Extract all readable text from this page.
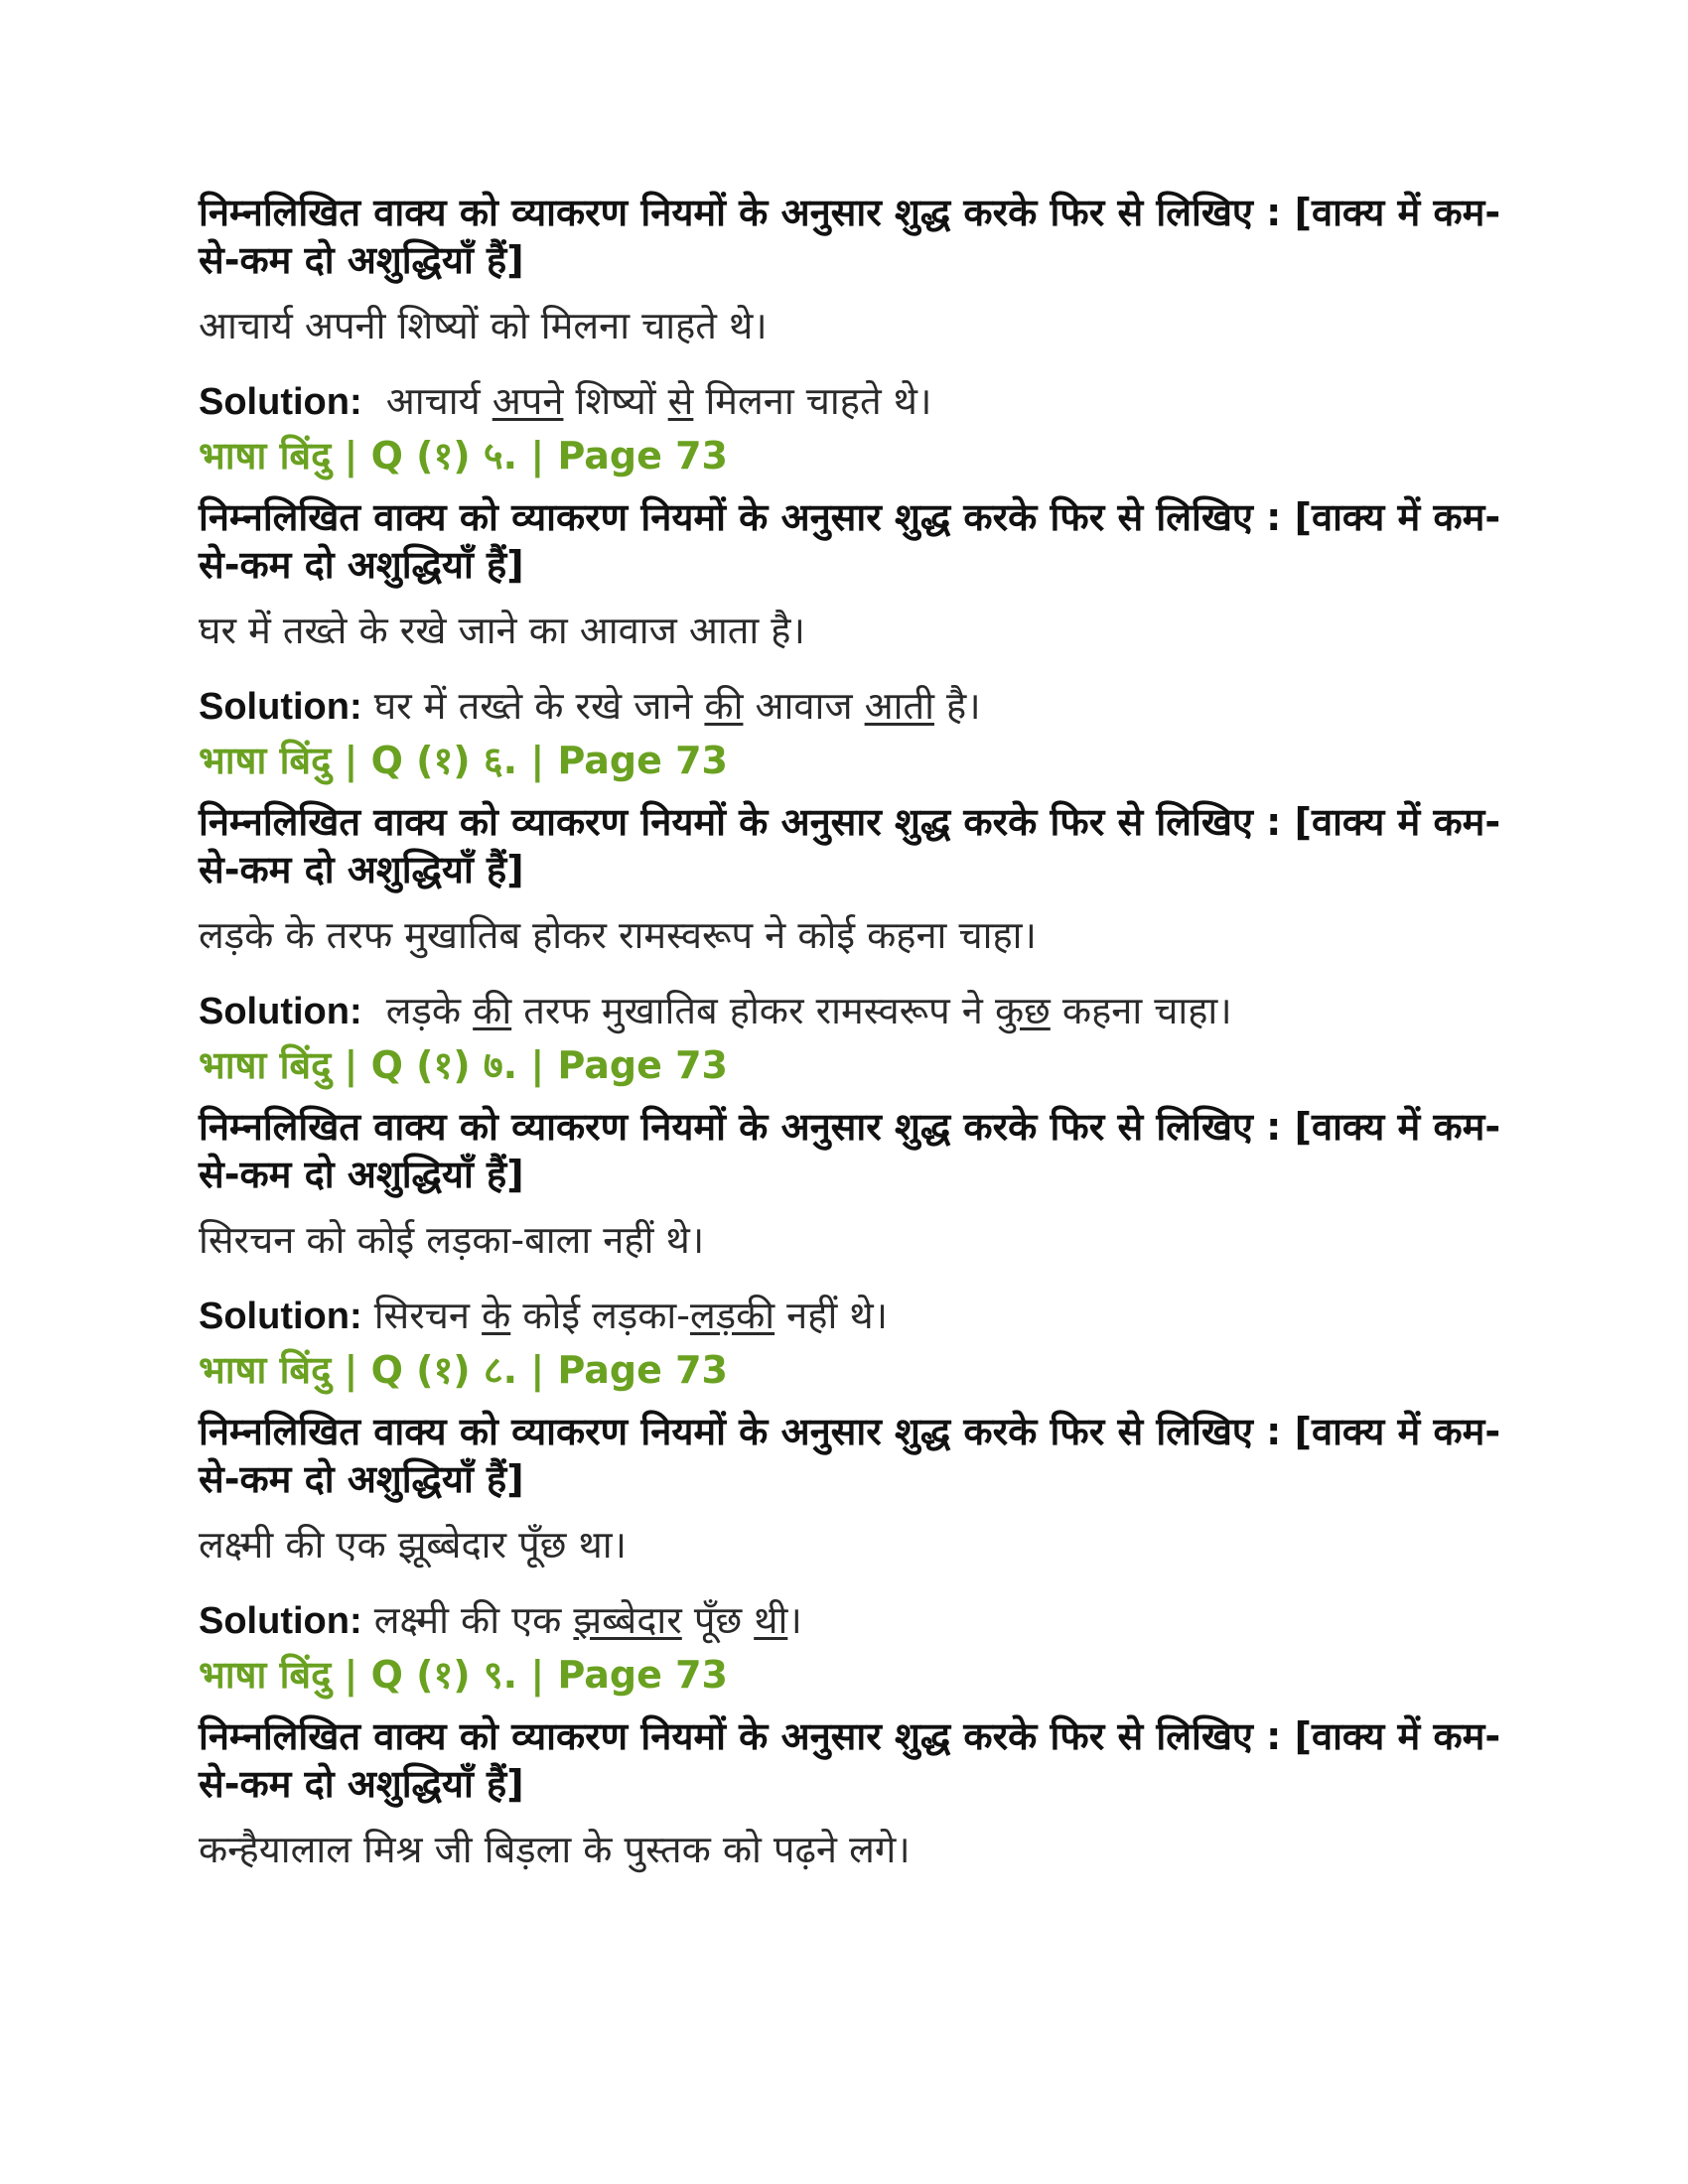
निम्नलिखित वाक्य को व्याकरण नियमों के अनुसार शुद्ध करके फिर से लिखिए : [वाक्य में कम-से-कम दो अशुद्धियाँ हैं]

आचार्य अपनी शिष्यों को मिलना चाहते थे।

Solution: आचार्य अपने शिष्यों से मिलना चाहते थे।

भाषा बिंदु | Q (१) ५. | Page 73

निम्नलिखित वाक्य को व्याकरण नियमों के अनुसार शुद्ध करके फिर से लिखिए : [वाक्य में कम-से-कम दो अशुद्धियाँ हैं]

घर में तख्ते के रखे जाने का आवाज आता है।

Solution: घर में तख्ते के रखे जाने की आवाज आती है।

भाषा बिंदु | Q (१) ६. | Page 73

निम्नलिखित वाक्य को व्याकरण नियमों के अनुसार शुद्ध करके फिर से लिखिए : [वाक्य में कम-से-कम दो अशुद्धियाँ हैं]

लड़के के तरफ मुखातिब होकर रामस्वरूप ने कोई कहना चाहा।

Solution: लड़के की तरफ मुखातिब होकर रामस्वरूप ने कुछ कहना चाहा।

भाषा बिंदु | Q (१) ७. | Page 73

निम्नलिखित वाक्य को व्याकरण नियमों के अनुसार शुद्ध करके फिर से लिखिए : [वाक्य में कम-से-कम दो अशुद्धियाँ हैं]

सिरचन को कोई लड़का-बाला नहीं थे।

Solution: सिरचन के कोई लड़का-लड़की नहीं थे।

भाषा बिंदु | Q (१) ८. | Page 73

निम्नलिखित वाक्य को व्याकरण नियमों के अनुसार शुद्ध करके फिर से लिखिए : [वाक्य में कम-से-कम दो अशुद्धियाँ हैं]

लक्ष्मी की एक झूब्बेदार पूँछ था।

Solution: लक्ष्मी की एक झब्बेदार पूँछ थी।

भाषा बिंदु | Q (१) ९. | Page 73

निम्नलिखित वाक्य को व्याकरण नियमों के अनुसार शुद्ध करके फिर से लिखिए : [वाक्य में कम-से-कम दो अशुद्धियाँ हैं]

कन्हैयालाल मिश्र जी बिड़ला के पुस्तक को पढ़ने लगे।
